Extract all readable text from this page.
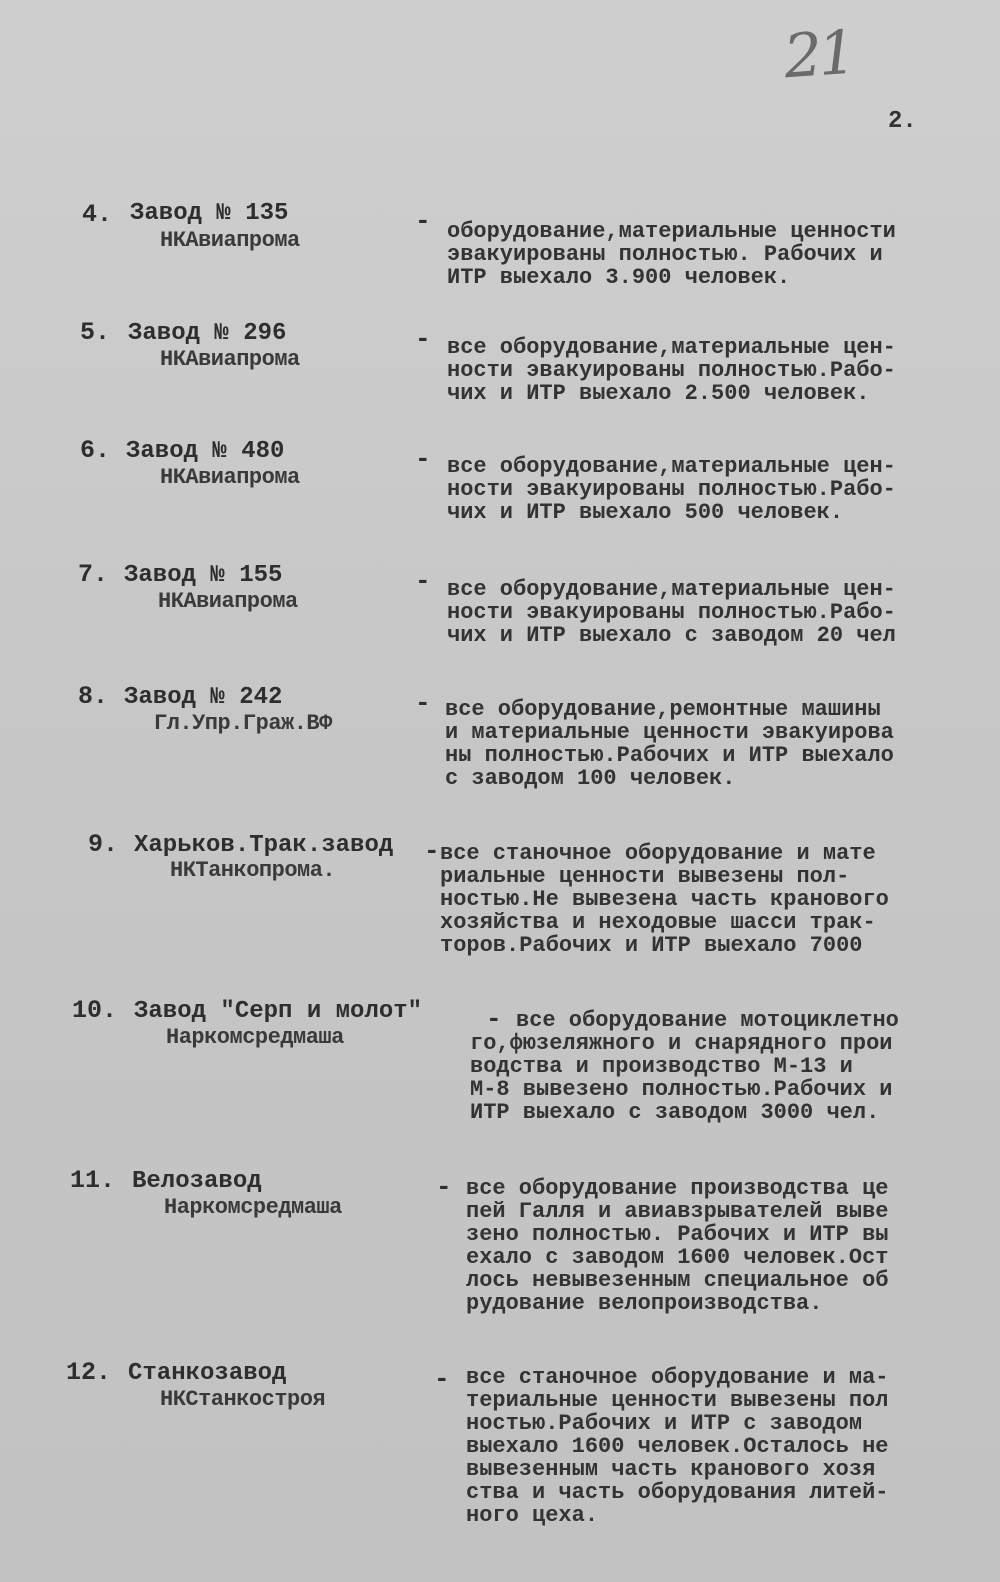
21
2.
4. Завод № 135
НКАвиапрома
- оборудование,материальные ценности
эвакуированы полностью. Рабочих и
ИТР выехало 3.900 человек.
5. Завод № 296
НКАвиапрома
- все оборудование,материальные цен-
ности эвакуированы полностью.Рабо-
чих и ИТР выехало 2.500 человек.
6. Завод № 480
НКАвиапрома
- все оборудование,материальные цен-
ности эвакуированы полностью.Рабо-
чих и ИТР выехало 500 человек.
7. Завод № 155
НКАвиапрома
- все оборудование,материальные цен-
ности эвакуированы полностью.Рабо-
чих и ИТР выехало с заводом 20 чел
8. Завод № 242
Гл.Упр.Граж.ВФ
- все оборудование,ремонтные машины
и материальные ценности эвакуирова
ны полностью.Рабочих и ИТР выехало
с заводом 100 человек.
9. Харьков.Трак.завод
НКТанкопрома.
- все станочное оборудование и мате
риальные ценности вывезены пол-
ностью.Не вывезена часть кранового
хозяйства и неходовые шасси трак-
торов.Рабочих и ИТР выехало 7000
10. Завод "Серп и молот"
Наркомсредмаша
- все оборудование мотоциклетно
го,фюзеляжного и снарядного прои
водства и производство М-13 и
М-8 вывезено полностью.Рабочих и
ИТР выехало с заводом 3000 чел.
11. Велозавод
Наркомсредмаша
- все оборудование производства це
пей Галля и авиавзрывателей выве
зено полностью. Рабочих и ИТР вы
ехало с заводом 1600 человек.Ост
лось невывезенным специальное об
рудование велопроизводства.
12. Станкозавод
НКСтанкостроя
- все станочное оборудование и ма-
териальные ценности вывезены пол
ностью.Рабочих и ИТР с заводом
выехало 1600 человек.Осталось не
вывезенным часть кранового хозя
ства и часть оборудования литей-
ного цеха.
